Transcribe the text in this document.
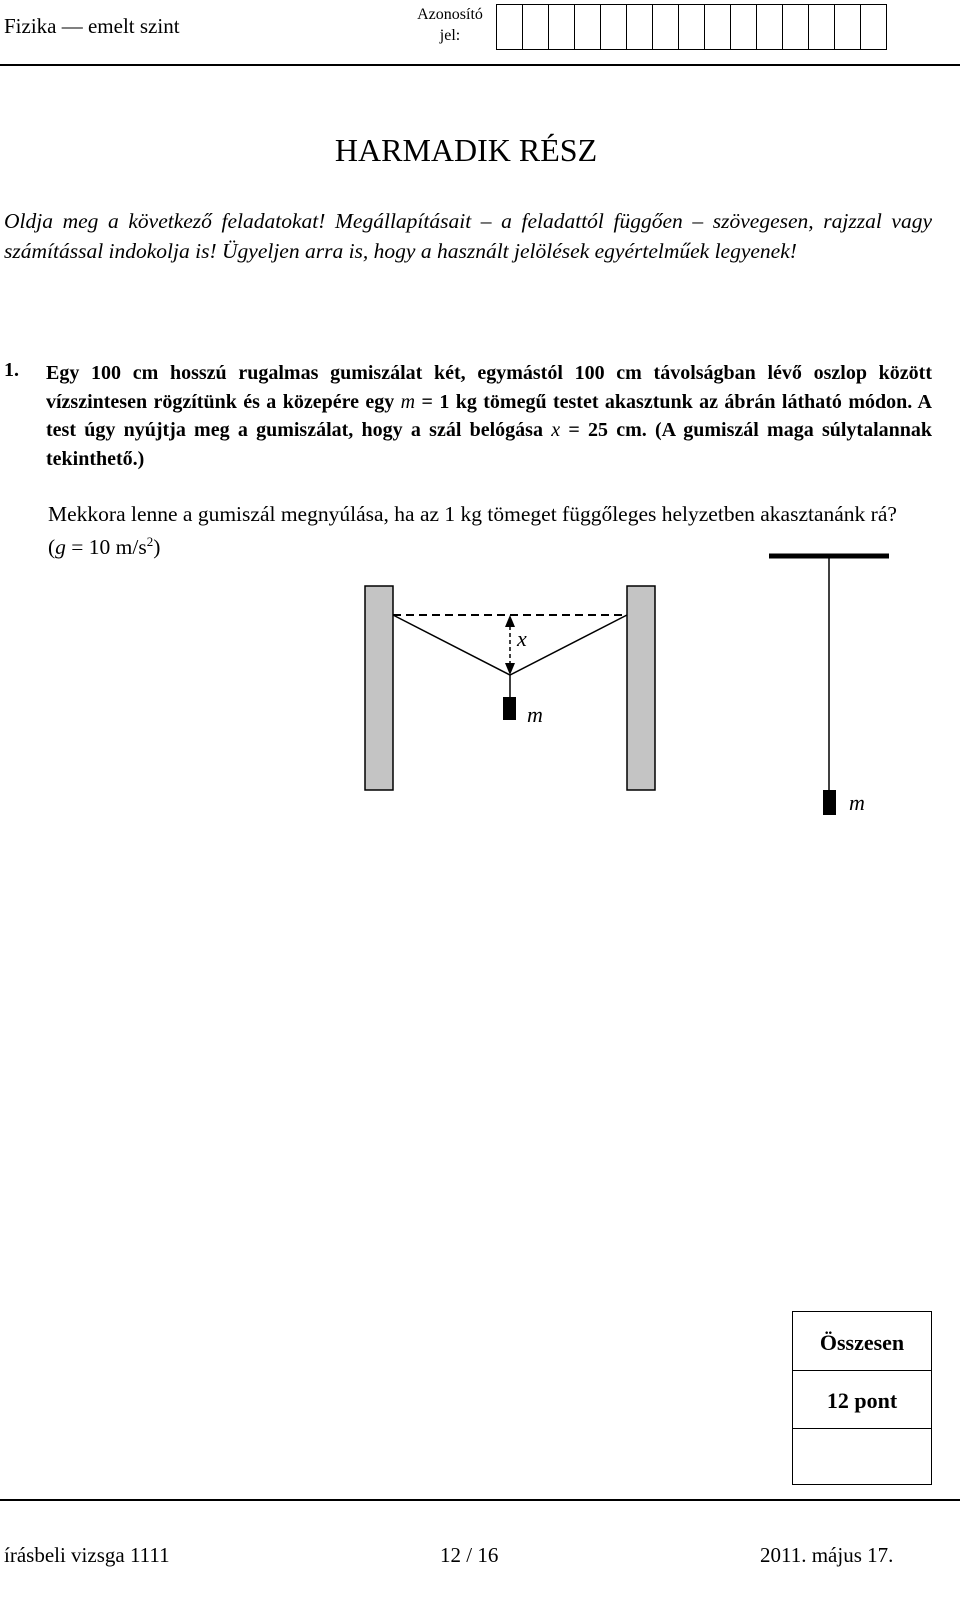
Fizika — emelt szint	Azonosító jel:
HARMADIK RÉSZ
Oldja meg a következő feladatokat! Megállapításait – a feladattól függően – szövegesen, rajzzal vagy számítással indokolja is! Ügyeljen arra is, hogy a használt jelölések egyértelműek legyenek!
1. Egy 100 cm hosszú rugalmas gumiszálat két, egymástól 100 cm távolságban lévő oszlop között vízszintesen rögzítünk és a közepére egy m = 1 kg tömegű testet akasztunk az ábrán látható módon. A test úgy nyújtja meg a gumiszálat, hogy a szál belógása x = 25 cm. (A gumiszál maga súlytalannak tekinthető.)
Mekkora lenne a gumiszál megnyúlása, ha az 1 kg tömeget függőleges helyzetben akasztanánk rá? (g = 10 $m/s^2$)
x
m
m
Összesen
12 pont
írásbeli vizsga 1111	12 / 16	2011. május 17.
